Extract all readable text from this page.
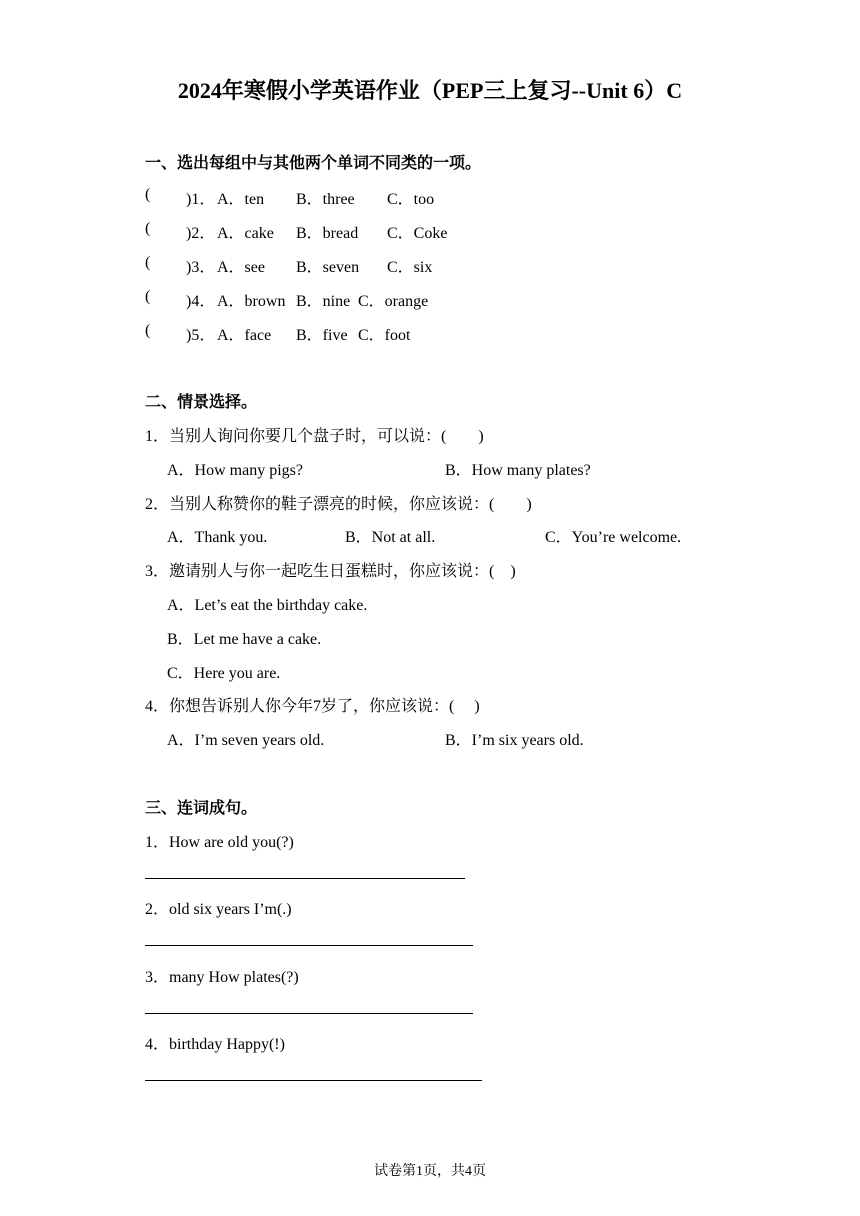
2024年寒假小学英语作业（PEP三上复习--Unit 6）C
一、选出每组中与其他两个单词不同类的一项。
( )1． A．ten B．three C．too
( )2． A．cake B．bread C．Coke
( )3． A．see B．seven C．six
( )4． A．brown B．nine C．orange
( )5． A．face B．five C．foot
二、情景选择。
1．当别人询问你要几个盘子时，可以说：(　　)
A．How many pigs?	B．How many plates?
2．当别人称赞你的鞋子漂亮的时候，你应该说：(　　)
A．Thank you.	B．Not at all.	C．You’re welcome.
3．邀请别人与你一起吃生日蛋糕时，你应该说：(　)
A．Let’s eat the birthday cake.
B．Let me have a cake.
C．Here you are.
4．你想告诉别人你今年7岁了，你应该说：(　 )
A．I’m seven years old.	B．I’m six years old.
三、连词成句。
1．How are old you(?)
2．old six years I’m(.)
3．many How plates(?)
4．birthday Happy(!)
试卷第1页，共4页
